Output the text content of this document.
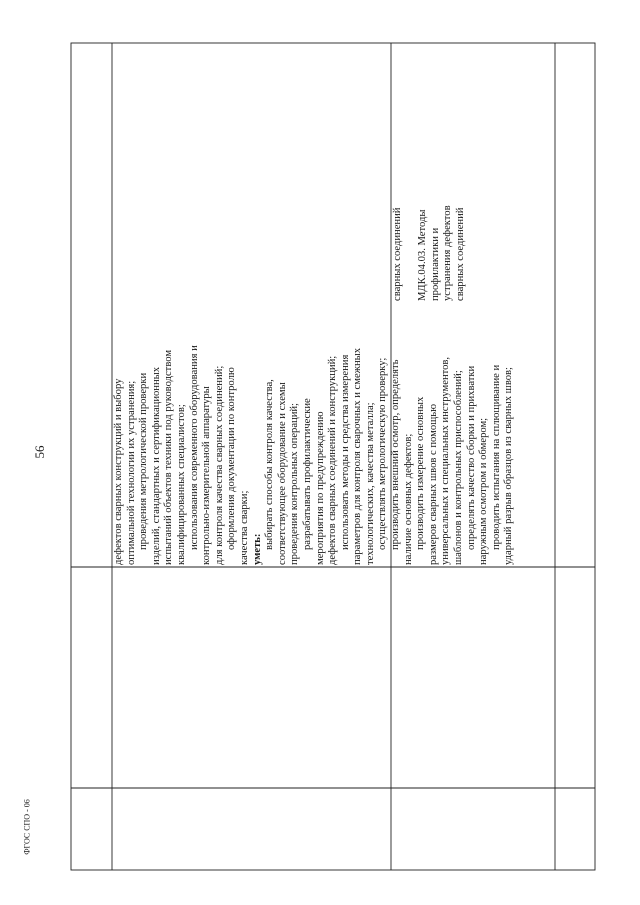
56
ФГОС СПО - 06
дефектов сварных конструкций и выбору оптимальной технологии их устранения; проведения метрологической проверки изделий, стандартных и сертификационных испытаний объектов техники под руководством квалифицированных специалистов; использования современного оборудования и контрольно-измерительной аппаратуры для контроля качества сварных соединений; оформления документации по контролю качества сварки; уметь: выбирать способы контроля качества, соответствующее оборудование и схемы проведения контрольных операций; разрабатывать профилактические мероприятия по предупреждению дефектов сварных соединений и конструкций; использовать методы и средства измерения параметров для контроля сварочных и смежных технологических, качества металла; осуществлять метрологическую проверку; производить внешний осмотр, определять наличие основных дефектов; производить измерение основных размеров сварных швов с помощью универсальных и специальных инструментов, шаблонов и контрольных приспособлений; определять качество сборки и прихватки наружным осмотром и обмером; проводить испытания на сплющивание и ударный разрыв образцов из сварных швов;
сварных соединений МДК.04.03. Методы профилактики и устранения дефектов сварных соединений
